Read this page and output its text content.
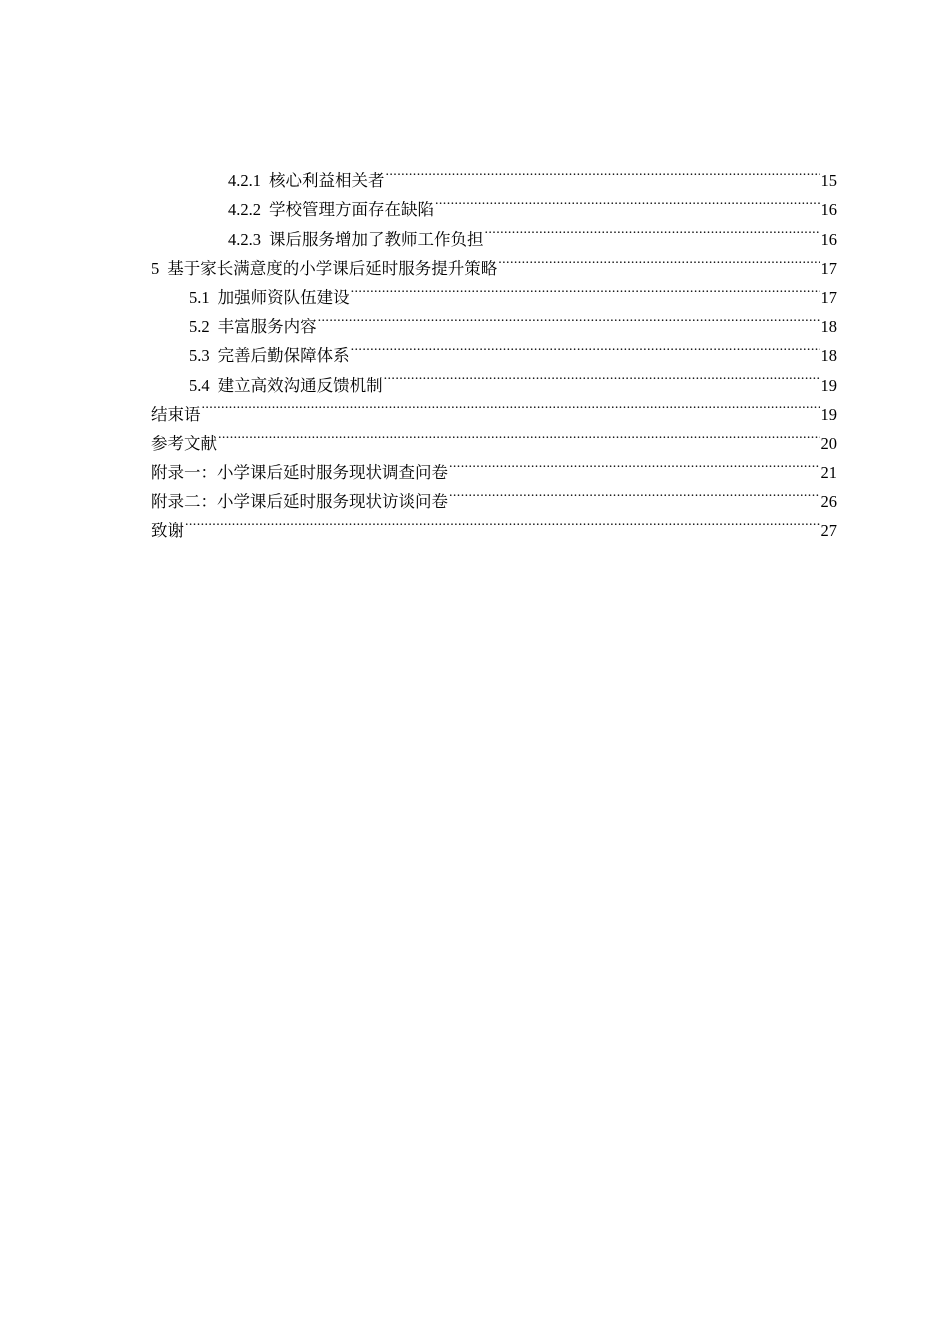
4.2.1 核心利益相关者 .....	15
4.2.2 学校管理方面存在缺陷 .....	16
4.2.3 课后服务增加了教师工作负担 .....	16
5 基于家长满意度的小学课后延时服务提升策略 .....	17
5.1 加强师资队伍建设 .....	17
5.2 丰富服务内容 .....	18
5.3 完善后勤保障体系 .....	18
5.4 建立高效沟通反馈机制 .....	19
结束语 .....	19
参考文献 .....	20
附录一：小学课后延时服务现状调查问卷 .....	21
附录二：小学课后延时服务现状访谈问卷 .....	26
致谢 .....	27
